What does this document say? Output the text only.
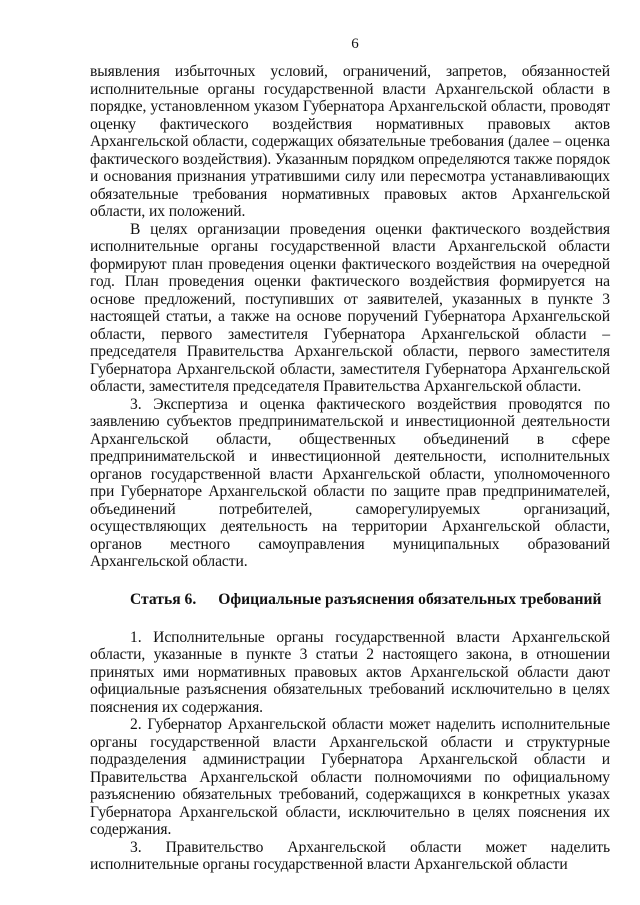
6

выявления избыточных условий, ограничений, запретов, обязанностей исполнительные органы государственной власти Архангельской области в порядке, установленном указом Губернатора Архангельской области, проводят оценку фактического воздействия нормативных правовых актов Архангельской области, содержащих обязательные требования (далее – оценка фактического воздействия). Указанным порядком определяются также порядок и основания признания утратившими силу или пересмотра устанавливающих обязательные требования нормативных правовых актов Архангельской области, их положений.

В целях организации проведения оценки фактического воздействия исполнительные органы государственной власти Архангельской области формируют план проведения оценки фактического воздействия на очередной год. План проведения оценки фактического воздействия формируется на основе предложений, поступивших от заявителей, указанных в пункте 3 настоящей статьи, а также на основе поручений Губернатора Архангельской области, первого заместителя Губернатора Архангельской области – председателя Правительства Архангельской области, первого заместителя Губернатора Архангельской области, заместителя Губернатора Архангельской области, заместителя председателя Правительства Архангельской области.

3. Экспертиза и оценка фактического воздействия проводятся по заявлению субъектов предпринимательской и инвестиционной деятельности Архангельской области, общественных объединений в сфере предпринимательской и инвестиционной деятельности, исполнительных органов государственной власти Архангельской области, уполномоченного при Губернаторе Архангельской области по защите прав предпринимателей, объединений потребителей, саморегулируемых организаций, осуществляющих деятельность на территории Архангельской области, органов местного самоуправления муниципальных образований Архангельской области.

Статья 6. Официальные разъяснения обязательных требований

1. Исполнительные органы государственной власти Архангельской области, указанные в пункте 3 статьи 2 настоящего закона, в отношении принятых ими нормативных правовых актов Архангельской области дают официальные разъяснения обязательных требований исключительно в целях пояснения их содержания.

2. Губернатор Архангельской области может наделить исполнительные органы государственной власти Архангельской области и структурные подразделения администрации Губернатора Архангельской области и Правительства Архангельской области полномочиями по официальному разъяснению обязательных требований, содержащихся в конкретных указах Губернатора Архангельской области, исключительно в целях пояснения их содержания.

3. Правительство Архангельской области может наделить исполнительные органы государственной власти Архангельской области
